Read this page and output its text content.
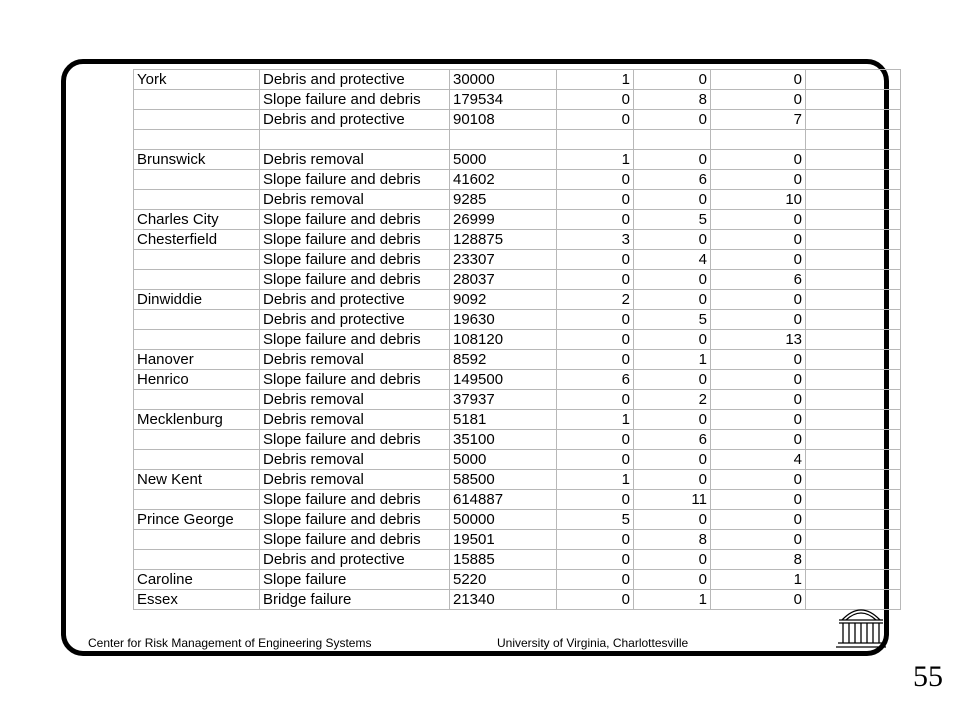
York	Debris and protective	30000	1	0	0	
	Slope failure and debris	179534	0	8	0	
	Debris and protective	90108	0	0	7	

Brunswick	Debris removal	5000	1	0	0	
	Slope failure and debris	41602	0	6	0	
	Debris removal	9285	0	0	10	
Charles City	Slope failure and debris	26999	0	5	0	
Chesterfield	Slope failure and debris	128875	3	0	0	
	Slope failure and debris	23307	0	4	0	
	Slope failure and debris	28037	0	0	6	
Dinwiddie	Debris and protective	9092	2	0	0	
	Debris and protective	19630	0	5	0	
	Slope failure and debris	108120	0	0	13	
Hanover	Debris removal	8592	0	1	0	
Henrico	Slope failure and debris	149500	6	0	0	
	Debris removal	37937	0	2	0	
Mecklenburg	Debris removal	5181	1	0	0	
	Slope failure and debris	35100	0	6	0	
	Debris removal	5000	0	0	4	
New Kent	Debris removal	58500	1	0	0	
	Slope failure and debris	614887	0	11	0	
Prince George	Slope failure and debris	50000	5	0	0	
	Slope failure and debris	19501	0	8	0	
	Debris and protective	15885	0	0	8	
Caroline	Slope failure	5220	0	0	1	
Essex	Bridge failure	21340	0	1	0	
Center for Risk Management of Engineering Systems	University of Virginia, Charlottesville
55
